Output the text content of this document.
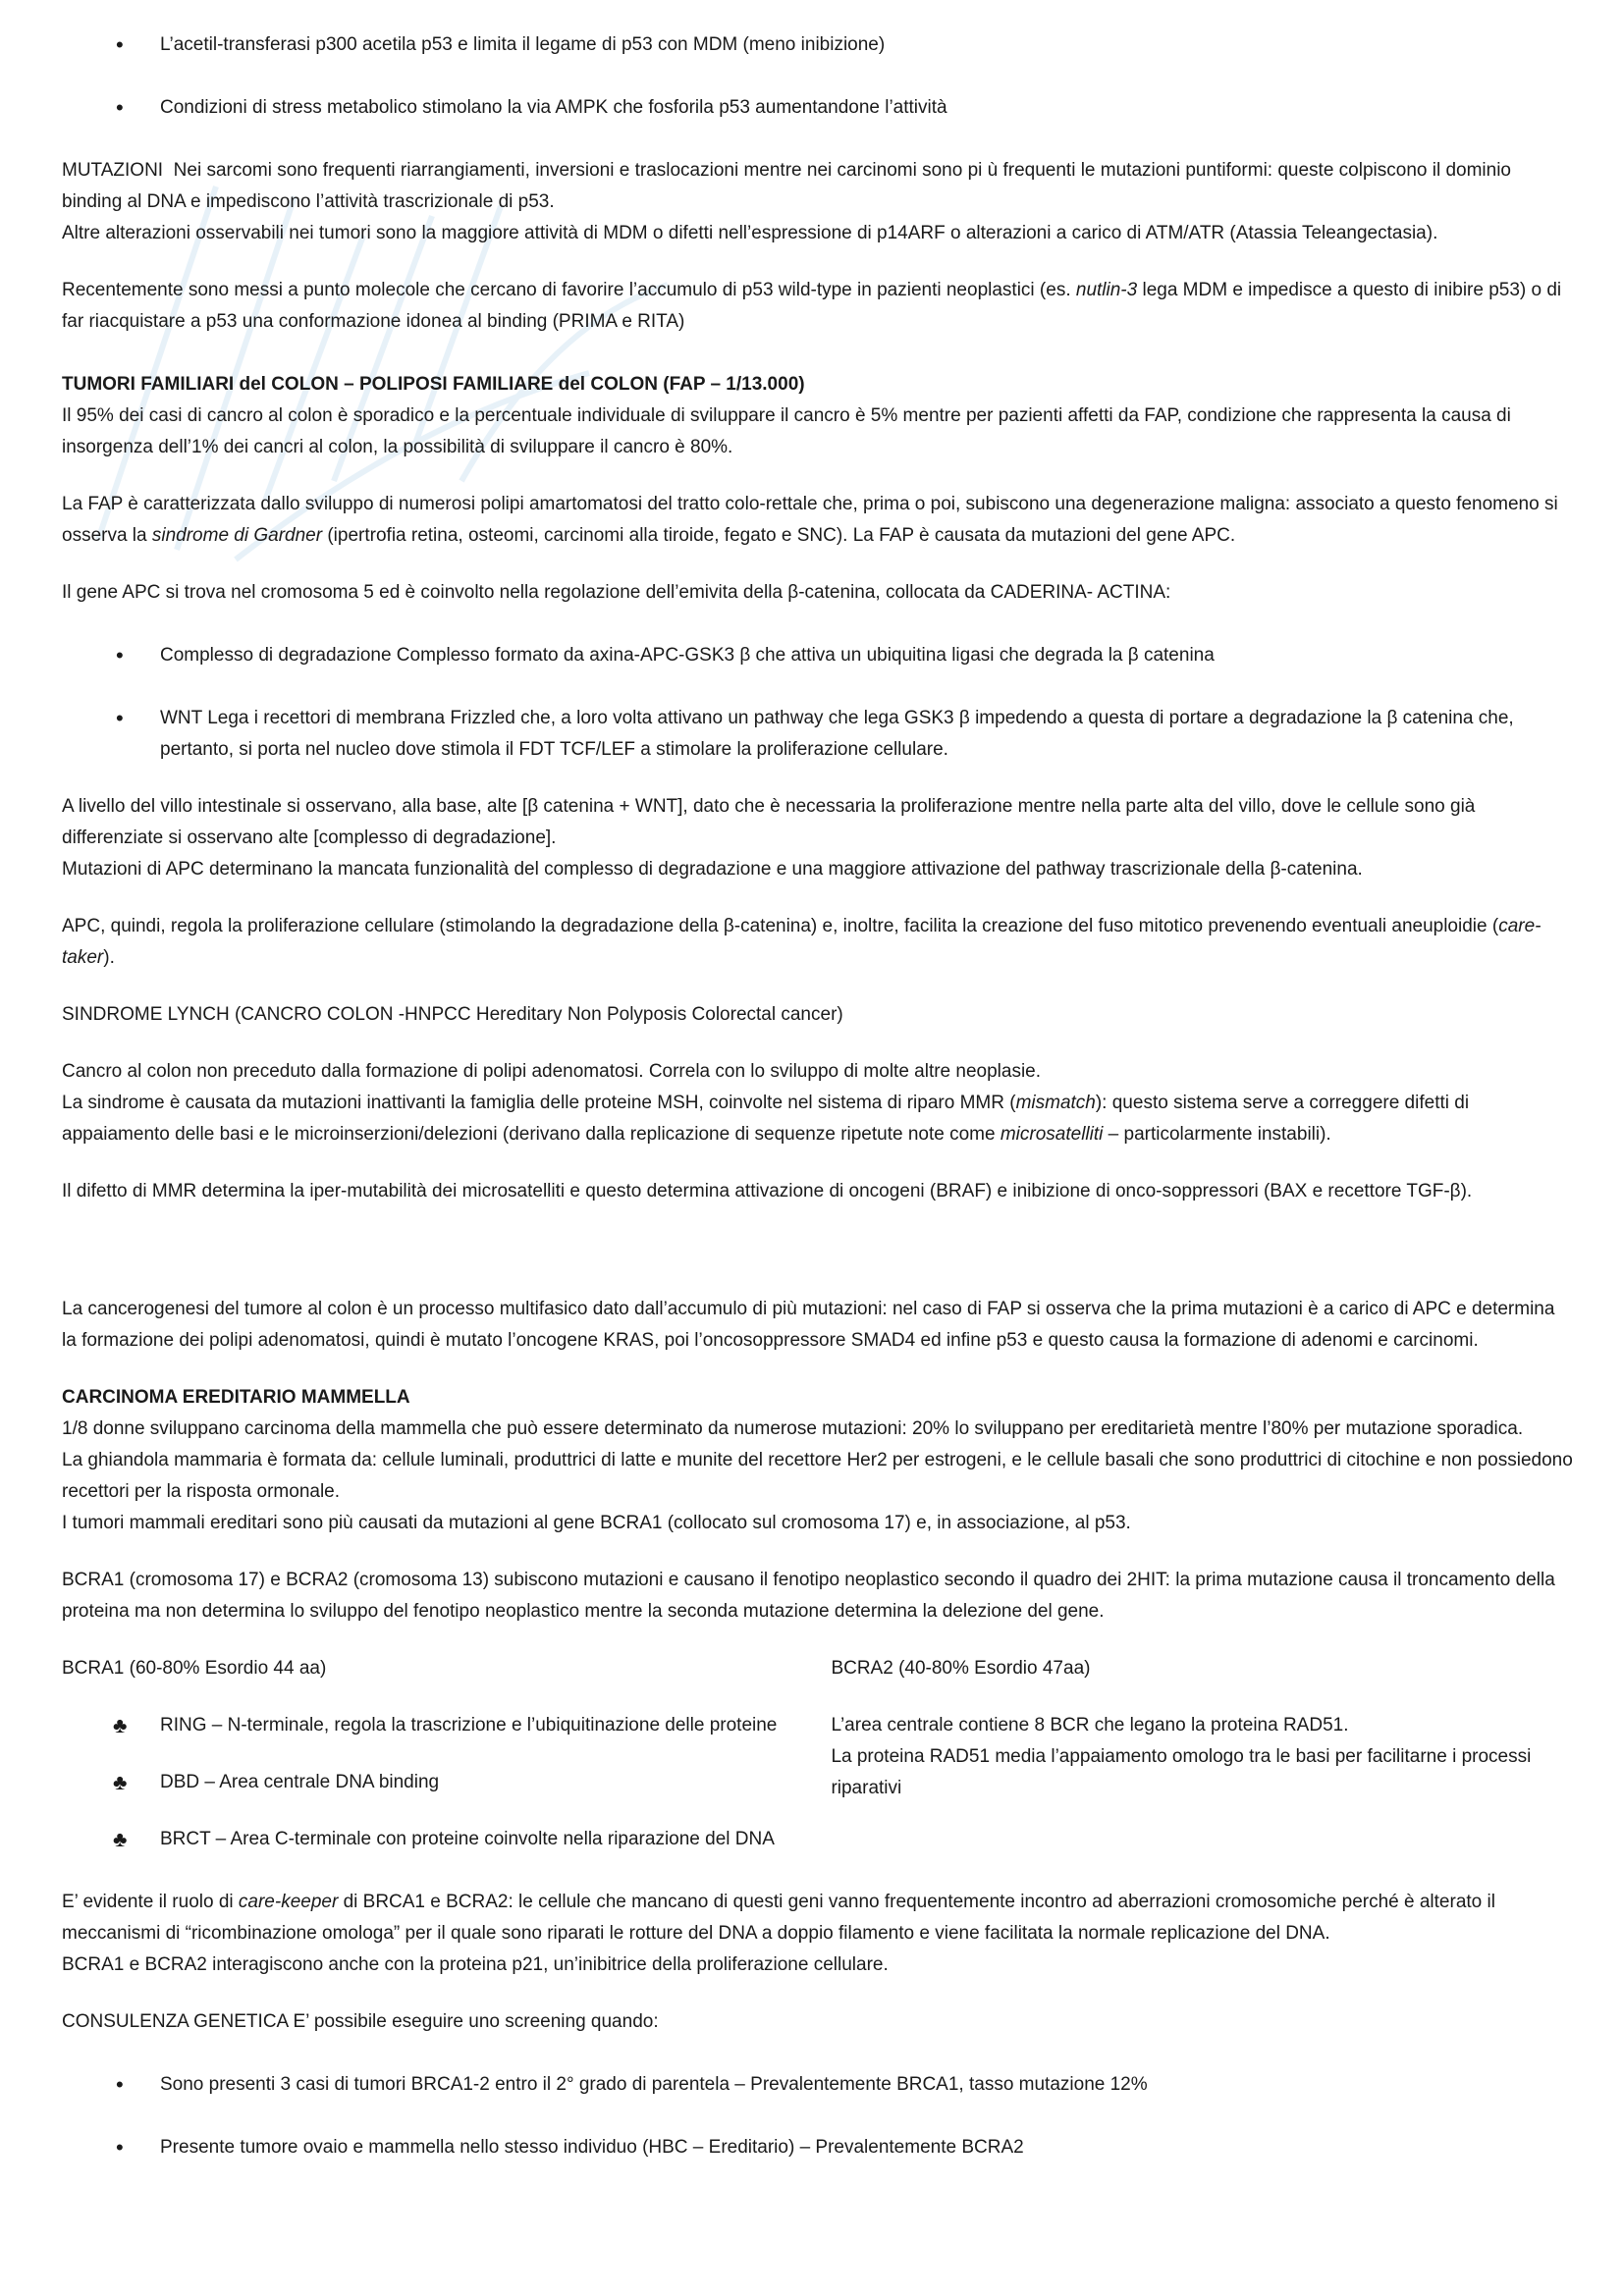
• L’acetil-transferasi p300 acetila p53 e limita il legame di p53 con MDM (meno inibizione)

• Condizioni di stress metabolico stimolano la via AMPK che fosforila p53 aumentandone l’attività

MUTAZIONI Nei sarcomi sono frequenti riarrangiamenti, inversioni e traslocazioni mentre nei carcinomi sono pi ù frequenti le mutazioni puntiformi: queste colpiscono il dominio binding al DNA e impediscono l’attività trascrizionale di p53.

Altre alterazioni osservabili nei tumori sono la maggiore attività di MDM o difetti nell’espressione di p14ARF o alterazioni a carico di ATM/ATR (Atassia Teleangectasia).

Recentemente sono messi a punto molecole che cercano di favorire l’accumulo di p53 wild-type in pazienti neoplastici (es. nutlin-3 lega MDM e impedisce a questo di inibire p53) o di far riacquistare a p53 una conformazione idonea al binding (PRIMA e RITA)

TUMORI FAMILIARI del COLON – POLIPOSI FAMILIARE del COLON (FAP – 1/13.000)

Il 95% dei casi di cancro al colon è sporadico e la percentuale individuale di sviluppare il cancro è 5% mentre per pazienti affetti da FAP, condizione che rappresenta la causa di insorgenza dell’1% dei cancri al colon, la possibilità di sviluppare il cancro è 80%.

La FAP è caratterizzata dallo sviluppo di numerosi polipi amartomatosi del tratto colo-rettale che, prima o poi, subiscono una degenerazione maligna: associato a questo fenomeno si osserva la sindrome di Gardner (ipertrofia retina, osteomi, carcinomi alla tiroide, fegato e SNC). La FAP è causata da mutazioni del gene APC.

Il gene APC si trova nel cromosoma 5 ed è coinvolto nella regolazione dell’emivita della β-catenina, collocata da CADERINA- ACTINA:

• Complesso di degradazione Complesso formato da axina-APC-GSK3 β che attiva un ubiquitina ligasi che degrada la β catenina

• WNT Lega i recettori di membrana Frizzled che, a loro volta attivano un pathway che lega GSK3 β impedendo a questa di portare a degradazione la β catenina che, pertanto, si porta nel nucleo dove stimola il FDT TCF/LEF a stimolare la proliferazione cellulare.

A livello del villo intestinale si osservano, alla base, alte [β catenina + WNT], dato che è necessaria la proliferazione mentre nella parte alta del villo, dove le cellule sono già differenziate si osservano alte [complesso di degradazione].

Mutazioni di APC determinano la mancata funzionalità del complesso di degradazione e una maggiore attivazione del pathway trascrizionale della β-catenina.

APC, quindi, regola la proliferazione cellulare (stimolando la degradazione della β-catenina) e, inoltre, facilita la creazione del fuso mitotico prevenendo eventuali aneuploidie (care-taker).

SINDROME LYNCH (CANCRO COLON -HNPCC Hereditary Non Polyposis Colorectal cancer)

Cancro al colon non preceduto dalla formazione di polipi adenomatosi. Correla con lo sviluppo di molte altre neoplasie.

La sindrome è causata da mutazioni inattivanti la famiglia delle proteine MSH, coinvolte nel sistema di riparo MMR (mismatch): questo sistema serve a correggere difetti di appaiamento delle basi e le microinserzioni/delezioni (derivano dalla replicazione di sequenze ripetute note come microsatelliti – particolarmente instabili).

Il difetto di MMR determina la iper-mutabilità dei microsatelliti e questo determina attivazione di oncogeni (BRAF) e inibizione di onco-soppressori (BAX e recettore TGF-β).

La cancerogenesi del tumore al colon è un processo multifasico dato dall’accumulo di più mutazioni: nel caso di FAP si osserva che la prima mutazioni è a carico di APC e determina la formazione dei polipi adenomatosi, quindi è mutato l’oncogene KRAS, poi l’oncosoppressore SMAD4 ed infine p53 e questo causa la formazione di adenomi e carcinomi.

CARCINOMA EREDITARIO MAMMELLA

1/8 donne sviluppano carcinoma della mammella che può essere determinato da numerose mutazioni: 20% lo sviluppano per ereditarietà mentre l’80% per mutazione sporadica.

La ghiandola mammaria è formata da: cellule luminali, produttrici di latte e munite del recettore Her2 per estrogeni, e le cellule basali che sono produttrici di citochine e non possiedono recettori per la risposta ormonale.

I tumori mammali ereditari sono più causati da mutazioni al gene BCRA1 (collocato sul cromosoma 17) e, in associazione, al p53.

BCRA1 (cromosoma 17) e BCRA2 (cromosoma 13) subiscono mutazioni e causano il fenotipo neoplastico secondo il quadro dei 2HIT: la prima mutazione causa il troncamento della proteina ma non determina lo sviluppo del fenotipo neoplastico mentre la seconda mutazione determina la delezione del gene.

BCRA1 (60-80% Esordio 44 aa)

♣ RING – N-terminale, regola la trascrizione e l’ubiquitinazione delle proteine

♣ DBD – Area centrale DNA binding

♣ BRCT – Area C-terminale con proteine coinvolte nella riparazione del DNA

BCRA2 (40-80% Esordio 47aa)

L’area centrale contiene 8 BCR che legano la proteina RAD51.

La proteina RAD51 media l’appaiamento omologo tra le basi per facilitarne i processi riparativi

E’ evidente il ruolo di care-keeper di BRCA1 e BCRA2: le cellule che mancano di questi geni vanno frequentemente incontro ad aberrazioni cromosomiche perché è alterato il meccanismi di “ricombinazione omologa” per il quale sono riparati le rotture del DNA a doppio filamento e viene facilitata la normale replicazione del DNA.

BCRA1 e BCRA2 interagiscono anche con la proteina p21, un’inibitrice della proliferazione cellulare.

CONSULENZA GENETICA E’ possibile eseguire uno screening quando:

• Sono presenti 3 casi di tumori BRCA1-2 entro il 2° grado di parentela – Prevalentemente BRCA1, tasso mutazione 12%

• Presente tumore ovaio e mammella nello stesso individuo (HBC – Ereditario) – Prevalentemente BCRA2
